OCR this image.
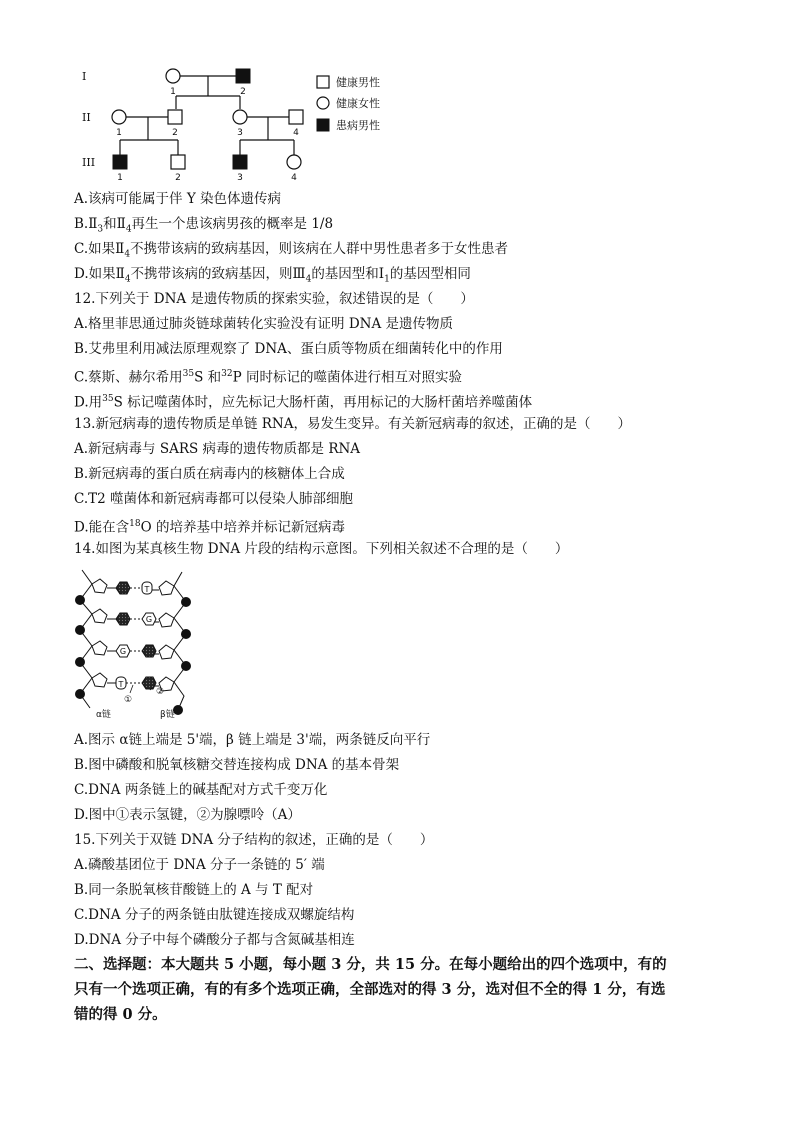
I
II
III
1	2
1	2	3	4
1	2	3	4
健康男性
健康女性
患病男性
A.该病可能属于伴 Y 染色体遗传病
$B.Ⅱ_3$和$Ⅱ_4$再生一个患该病男孩的概率是 1/8
C.如果$Ⅱ_4$不携带该病的致病基因，则该病在人群中男性患者多于女性患者
D.如果$Ⅱ_4$不携带该病的致病基因，则$Ⅲ_4$的基因型和$Ⅰ_1$的基因型相同
12.下列关于 DNA 是遗传物质的探索实验，叙述错误的是（　　）
A.格里菲思通过肺炎链球菌转化实验没有证明 DNA 是遗传物质
B.艾弗里利用减法原理观察了 DNA、蛋白质等物质在细菌转化中的作用
C.蔡斯、赫尔希用$^{35}$S 和$^{32}$P 同时标记的噬菌体进行相互对照实验
D.用$^{35}$S 标记噬菌体时，应先标记大肠杆菌，再用标记的大肠杆菌培养噬菌体
13.新冠病毒的遗传物质是单链 RNA，易发生变异。有关新冠病毒的叙述，正确的是（　　）
A.新冠病毒与 SARS 病毒的遗传物质都是 RNA
B.新冠病毒的蛋白质在病毒内的核糖体上合成
C.T2 噬菌体和新冠病毒都可以侵染人肺部细胞
D.能在含$^{18}$O 的培养基中培养并标记新冠病毒
14.如图为某真核生物 DNA 片段的结构示意图。下列相关叙述不合理的是（　　）
T
G
G
T
①
②
α链	β链
A.图示 α链上端是 5'端，β 链上端是 3'端，两条链反向平行
B.图中磷酸和脱氧核糖交替连接构成 DNA 的基本骨架
C.DNA 两条链上的碱基配对方式千变万化
D.图中①表示氢键，②为腺嘌呤（A）
15.下列关于双链 DNA 分子结构的叙述，正确的是（　　）
A.磷酸基团位于 DNA 分子一条链的 5′ 端
B.同一条脱氧核苷酸链上的 A 与 T 配对
C.DNA 分子的两条链由肽键连接成双螺旋结构
D.DNA 分子中每个磷酸分子都与含氮碱基相连
二、选择题：本大题共 5 小题，每小题 3 分，共 15 分。在每小题给出的四个选项中，有的
只有一个选项正确，有的有多个选项正确，全部选对的得 3 分，选对但不全的得 1 分，有选
错的得 0 分。
